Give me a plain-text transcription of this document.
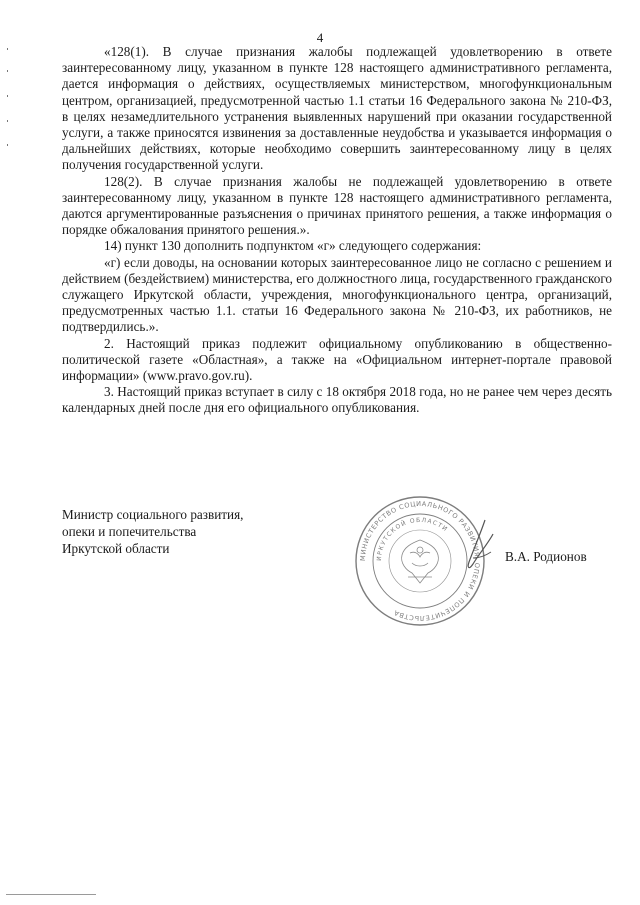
4

«128(1). В случае признания жалобы подлежащей удовлетворению в ответе заинтересованному лицу, указанном в пункте 128 настоящего административного регламента, дается информация о действиях, осуществляемых министерством, многофункциональным центром, организацией, предусмотренной частью 1.1 статьи 16 Федерального закона № 210-ФЗ, в целях незамедлительного устранения выявленных нарушений при оказании государственной услуги, а также приносятся извинения за доставленные неудобства и указывается информация о дальнейших действиях, которые необходимо совершить заинтересованному лицу в целях получения государственной услуги.

128(2). В случае признания жалобы не подлежащей удовлетворению в ответе заинтересованному лицу, указанном в пункте 128 настоящего административного регламента, даются аргументированные разъяснения о причинах принятого решения, а также информация о порядке обжалования принятого решения.».

14) пункт 130 дополнить подпунктом «г» следующего содержания:

«г) если доводы, на основании которых заинтересованное лицо не согласно с решением и действием (бездействием) министерства, его должностного лица, государственного гражданского служащего Иркутской области, учреждения, многофункционального центра, организаций, предусмотренных частью 1.1. статьи 16 Федерального закона № 210-ФЗ, их работников, не подтвердились.».

2. Настоящий приказ подлежит официальному опубликованию в общественно-политической газете «Областная», а также на «Официальном интернет-портале правовой информации» (www.pravo.gov.ru).

3. Настоящий приказ вступает в силу с 18 октября 2018 года, но не ранее чем через десять календарных дней после дня его официального опубликования.

Министр социального развития,
опеки и попечительства
Иркутской области
МИНИСТЕРСТВО СОЦИАЛЬНОГО РАЗВИТИЯ, ОПЕКИ И ПОПЕЧИТЕЛЬСТВА
ИРКУТСКОЙ ОБЛАСТИ
В.А. Родионов
